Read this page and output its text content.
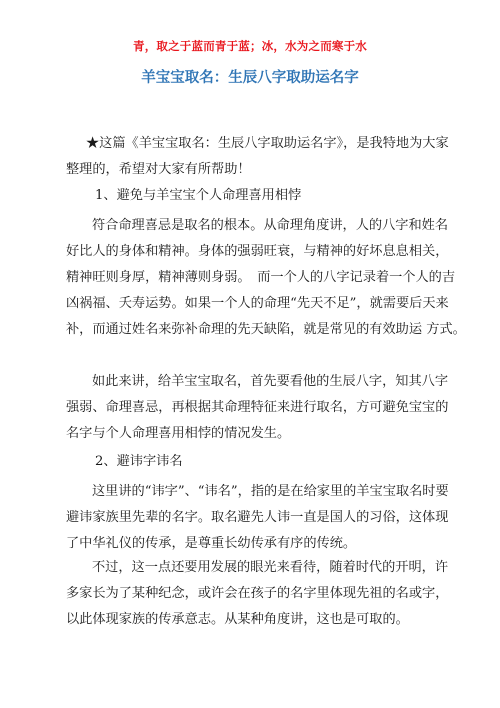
青，取之于蓝而青于蓝；冰，水为之而寒于水
羊宝宝取名：生辰八字取助运名字
★这篇《羊宝宝取名：生辰八字取助运名字》，是我特地为大家
整理的，希望对大家有所帮助！
1、避免与羊宝宝个人命理喜用相悖
符合命理喜忌是取名的根本。从命理角度讲，人的八字和姓名
好比人的身体和精神。身体的强弱旺衰，与精神的好坏息息相关，
精神旺则身厚，精神薄则身弱。　而一个人的八字记录着一个人的吉
凶祸福、夭寿运势。如果一个人的命理“先天不足”，就需要后天来
补，而通过姓名来弥补命理的先天缺陷，就是常见的有效助运 方式。
如此来讲，给羊宝宝取名，首先要看他的生辰八字，知其八字
强弱、命理喜忌，再根据其命理特征来进行取名，方可避免宝宝的
名字与个人命理喜用相悖的情况发生。
2、避讳字讳名
这里讲的“讳字”、“讳名”，指的是在给家里的羊宝宝取名时要
避讳家族里先辈的名字。取名避先人讳一直是国人的习俗，这体现
了中华礼仪的传承，是尊重长幼传承有序的传统。
不过，这一点还要用发展的眼光来看待，随着时代的开明，许
多家长为了某种纪念，或许会在孩子的名字里体现先祖的名或字，
以此体现家族的传承意志。从某种角度讲，这也是可取的。
